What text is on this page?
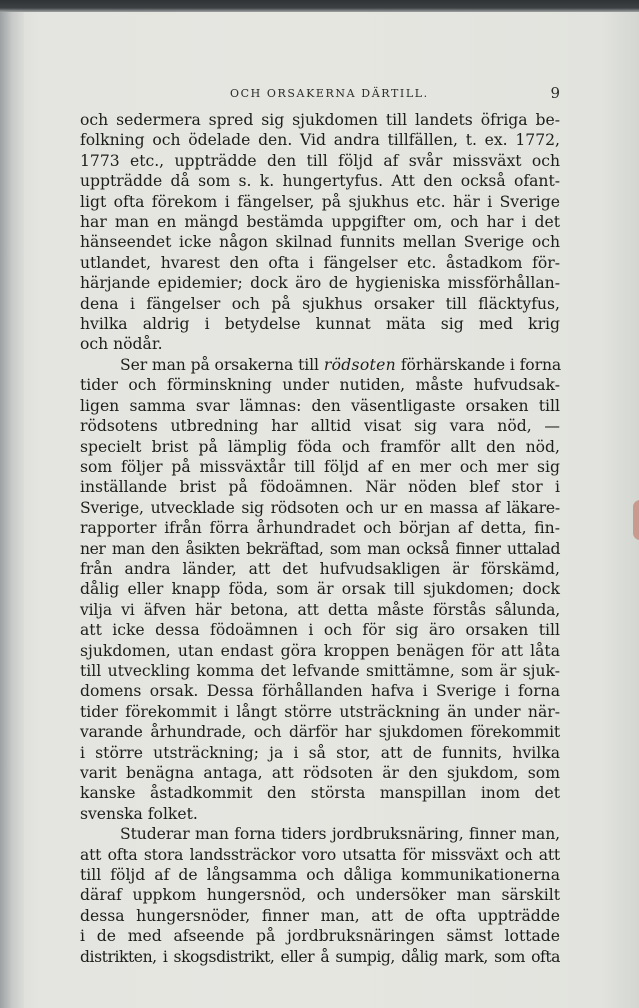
OCH ORSAKERNA DÄRTILL.	9

och sedermera spred sig sjukdomen till landets öfriga be-
folkning och ödelade den. Vid andra tillfällen, t. ex. 1772,
1773 etc., uppträdde den till följd af svår missväxt och
uppträdde då som s. k. hungertyfus. Att den också ofant-
ligt ofta förekom i fängelser, på sjukhus etc. här i Sverige
har man en mängd bestämda uppgifter om, och har i det
hänseendet icke någon skilnad funnits mellan Sverige och
utlandet, hvarest den ofta i fängelser etc. åstadkom för-
härjande epidemier; dock äro de hygieniska missförhållan-
dena i fängelser och på sjukhus orsaker till fläcktyfus,
hvilka aldrig i betydelse kunnat mäta sig med krig
och nödår.

Ser man på orsakerna till rödsoten förhärskande i forna
tider och förminskning under nutiden, måste hufvudsak-
ligen samma svar lämnas: den väsentligaste orsaken till
rödsotens utbredning har alltid visat sig vara nöd, —
specielt brist på lämplig föda och framför allt den nöd,
som följer på missväxtår till följd af en mer och mer sig
inställande brist på födoämnen. När nöden blef stor i
Sverige, utvecklade sig rödsoten och ur en massa af läkare-
rapporter ifrån förra århundradet och början af detta, fin-
ner man den åsikten bekräftad, som man också finner uttalad
från andra länder, att det hufvudsakligen är förskämd,
dålig eller knapp föda, som är orsak till sjukdomen; dock
vilja vi äfven här betona, att detta måste förstås sålunda,
att icke dessa födoämnen i och för sig äro orsaken till
sjukdomen, utan endast göra kroppen benägen för att låta
till utveckling komma det lefvande smittämne, som är sjuk-
domens orsak. Dessa förhållanden hafva i Sverige i forna
tider förekommit i långt större utsträckning än under när-
varande århundrade, och därför har sjukdomen förekommit
i större utsträckning; ja i så stor, att de funnits, hvilka
varit benägna antaga, att rödsoten är den sjukdom, som
kanske åstadkommit den största manspillan inom det
svenska folket.

Studerar man forna tiders jordbruksnäring, finner man,
att ofta stora landssträckor voro utsatta för missväxt och att
till följd af de långsamma och dåliga kommunikationerna
däraf uppkom hungersnöd, och undersöker man särskilt
dessa hungersnöder, finner man, att de ofta uppträdde
i de med afseende på jordbruksnäringen sämst lottade
distrikten, i skogsdistrikt, eller å sumpig, dålig mark, som ofta
